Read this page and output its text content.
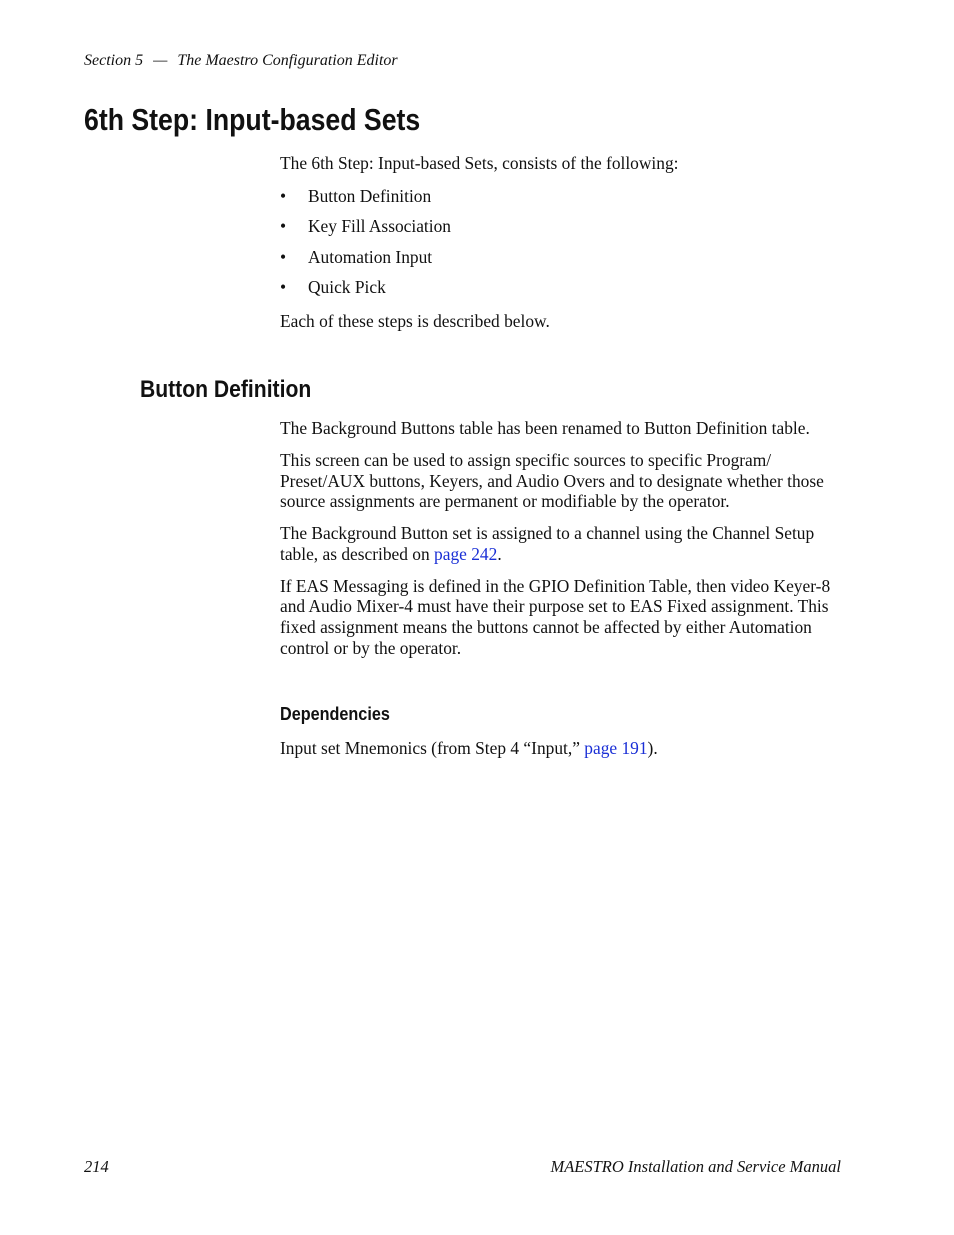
Section 5 — The Maestro Configuration Editor
6th Step: Input-based Sets

The 6th Step: Input-based Sets, consists of the following:

• Button Definition
• Key Fill Association
• Automation Input
• Quick Pick

Each of these steps is described below.

Button Definition

The Background Buttons table has been renamed to Button Definition table.

This screen can be used to assign specific sources to specific Program/ Preset/AUX buttons, Keyers, and Audio Overs and to designate whether those source assignments are permanent or modifiable by the operator.

The Background Button set is assigned to a channel using the Channel Setup table, as described on page 242.

If EAS Messaging is defined in the GPIO Definition Table, then video Keyer-8 and Audio Mixer-4 must have their purpose set to EAS Fixed assignment. This fixed assignment means the buttons cannot be affected by either Automation control or by the operator.

Dependencies

Input set Mnemonics (from Step 4 “Input,” page 191).

214	MAESTRO Installation and Service Manual
